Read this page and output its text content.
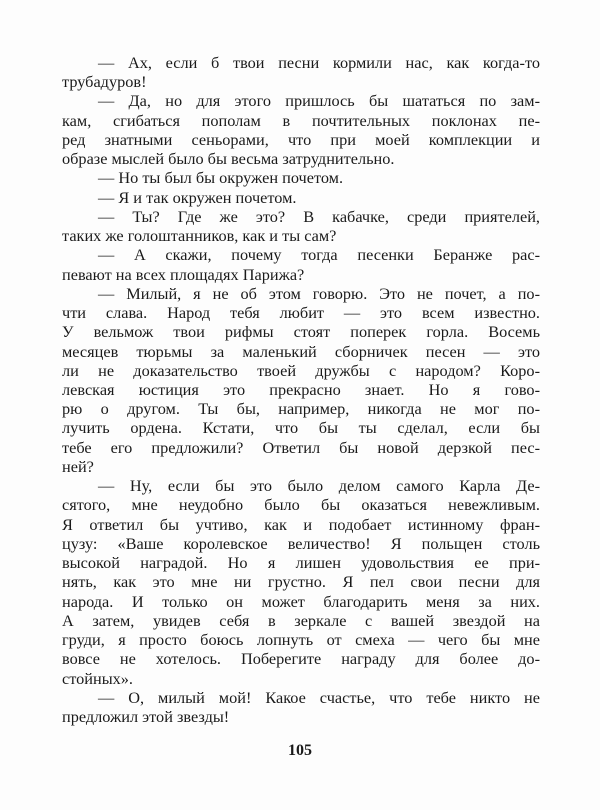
— Ах, если б твои песни кормили нас, как когда-то
трубадуров!
— Да, но для этого пришлось бы шататься по зам-
кам, сгибаться пополам в почтительных поклонах пе-
ред знатными сеньорами, что при моей комплекции и
образе мыслей было бы весьма затруднительно.
— Но ты был бы окружен почетом.
— Я и так окружен почетом.
— Ты? Где же это? В кабачке, среди приятелей,
таких же голоштанников, как и ты сам?
— А скажи, почему тогда песенки Беранже рас-
певают на всех площадях Парижа?
— Милый, я не об этом говорю. Это не почет, а по-
чти слава. Народ тебя любит — это всем известно.
У вельмож твои рифмы стоят поперек горла. Восемь
месяцев тюрьмы за маленький сборничек песен — это
ли не доказательство твоей дружбы с народом? Коро-
левская юстиция это прекрасно знает. Но я гово-
рю о другом. Ты бы, например, никогда не мог по-
лучить ордена. Кстати, что бы ты сделал, если бы
тебе его предложили? Ответил бы новой дерзкой пес-
ней?
— Ну, если бы это было делом самого Карла Де-
сятого, мне неудобно было бы оказаться невежливым.
Я ответил бы учтиво, как и подобает истинному фран-
цузу: «Ваше королевское величество! Я польщен столь
высокой наградой. Но я лишен удовольствия ее при-
нять, как это мне ни грустно. Я пел свои песни для
народа. И только он может благодарить меня за них.
А затем, увидев себя в зеркале с вашей звездой на
груди, я просто боюсь лопнуть от смеха — чего бы мне
вовсе не хотелось. Поберегите награду для более до-
стойных».
— О, милый мой! Какое счастье, что тебе никто не
предложил этой звезды!
105
